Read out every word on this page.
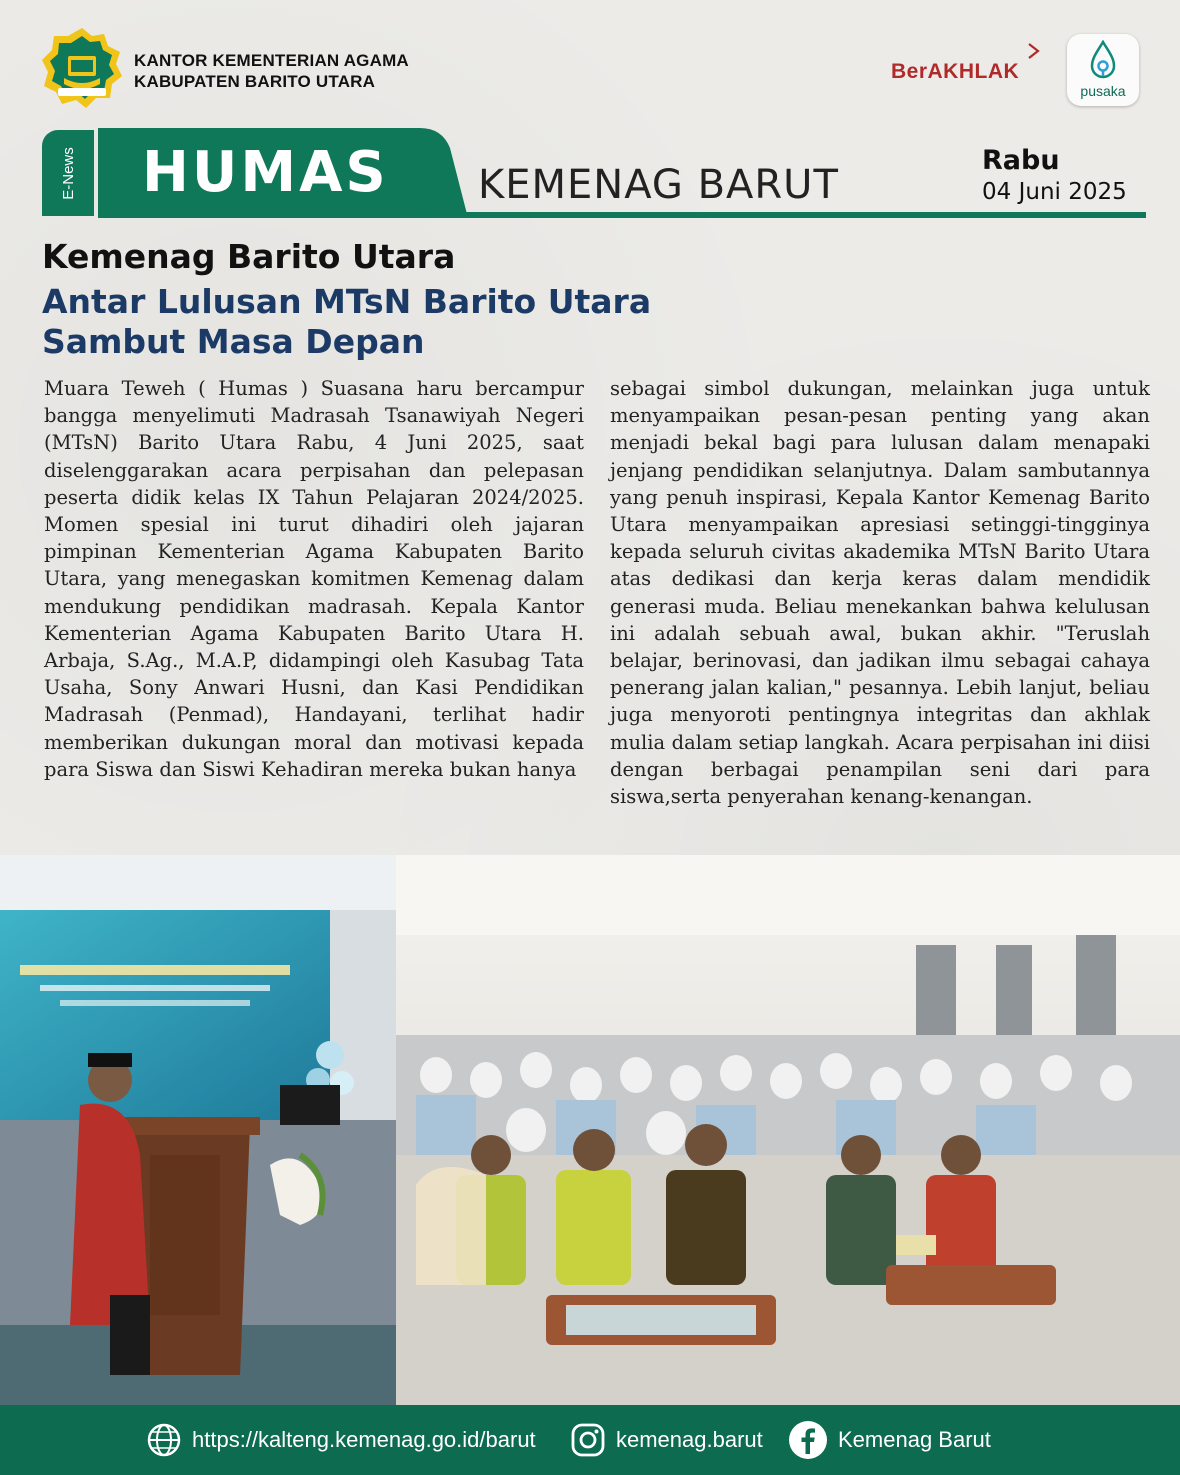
KANTOR KEMENTERIAN AGAMA
KABUPATEN BARITO UTARA	BerAKHLAK
pusaka
E-News HUMAS KEMENAG BARUT
Rabu
04 Juni 2025
Kemenag Barito Utara
Antar Lulusan MTsN Barito Utara
Sambut Masa Depan
Muara Teweh ( Humas ) Suasana haru bercampur bangga menyelimuti Madrasah Tsanawiyah Negeri (MTsN) Barito Utara Rabu, 4 Juni 2025, saat diselenggarakan acara perpisahan dan pelepasan peserta didik kelas IX Tahun Pelajaran 2024/2025. Momen spesial ini turut dihadiri oleh jajaran pimpinan Kementerian Agama Kabupaten Barito Utara, yang menegaskan komitmen Kemenag dalam mendukung pendidikan madrasah. Kepala Kantor Kementerian Agama Kabupaten Barito Utara H. Arbaja, S.Ag., M.A.P, didampingi oleh Kasubag Tata Usaha, Sony Anwari Husni, dan Kasi Pendidikan Madrasah (Penmad), Handayani, terlihat hadir memberikan dukungan moral dan motivasi kepada para Siswa dan Siswi Kehadiran mereka bukan hanya
sebagai simbol dukungan, melainkan juga untuk menyampaikan pesan-pesan penting yang akan menjadi bekal bagi para lulusan dalam menapaki jenjang pendidikan selanjutnya. Dalam sambutannya yang penuh inspirasi, Kepala Kantor Kemenag Barito Utara menyampaikan apresiasi setinggi-tingginya kepada seluruh civitas akademika MTsN Barito Utara atas dedikasi dan kerja keras dalam mendidik generasi muda. Beliau menekankan bahwa kelulusan ini adalah sebuah awal, bukan akhir. "Teruslah belajar, berinovasi, dan jadikan ilmu sebagai cahaya penerang jalan kalian," pesannya. Lebih lanjut, beliau juga menyoroti pentingnya integritas dan akhlak mulia dalam setiap langkah. Acara perpisahan ini diisi dengan berbagai penampilan seni dari para siswa,serta penyerahan kenang-kenangan.
https://kalteng.kemenag.go.id/barut	kemenag.barut	Kemenag Barut
